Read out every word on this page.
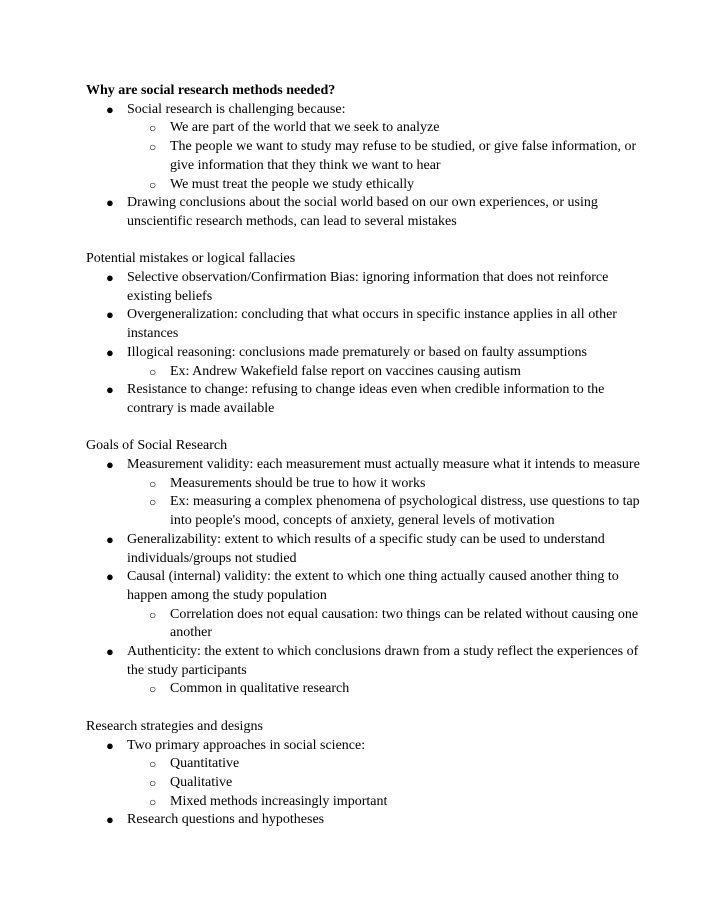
Why are social research methods needed?
● Social research is challenging because:
○ We are part of the world that we seek to analyze
○ The people we want to study may refuse to be studied, or give false information, or give information that they think we want to hear
○ We must treat the people we study ethically
● Drawing conclusions about the social world based on our own experiences, or using unscientific research methods, can lead to several mistakes
Potential mistakes or logical fallacies
● Selective observation/Confirmation Bias: ignoring information that does not reinforce existing beliefs
● Overgeneralization: concluding that what occurs in specific instance applies in all other instances
● Illogical reasoning: conclusions made prematurely or based on faulty assumptions
○ Ex: Andrew Wakefield false report on vaccines causing autism
● Resistance to change: refusing to change ideas even when credible information to the contrary is made available
Goals of Social Research
● Measurement validity: each measurement must actually measure what it intends to measure
○ Measurements should be true to how it works
○ Ex: measuring a complex phenomena of psychological distress, use questions to tap into people's mood, concepts of anxiety, general levels of motivation
● Generalizability: extent to which results of a specific study can be used to understand individuals/groups not studied
● Causal (internal) validity: the extent to which one thing actually caused another thing to happen among the study population
○ Correlation does not equal causation: two things can be related without causing one another
● Authenticity: the extent to which conclusions drawn from a study reflect the experiences of the study participants
○ Common in qualitative research
Research strategies and designs
● Two primary approaches in social science:
○ Quantitative
○ Qualitative
○ Mixed methods increasingly important
● Research questions and hypotheses
